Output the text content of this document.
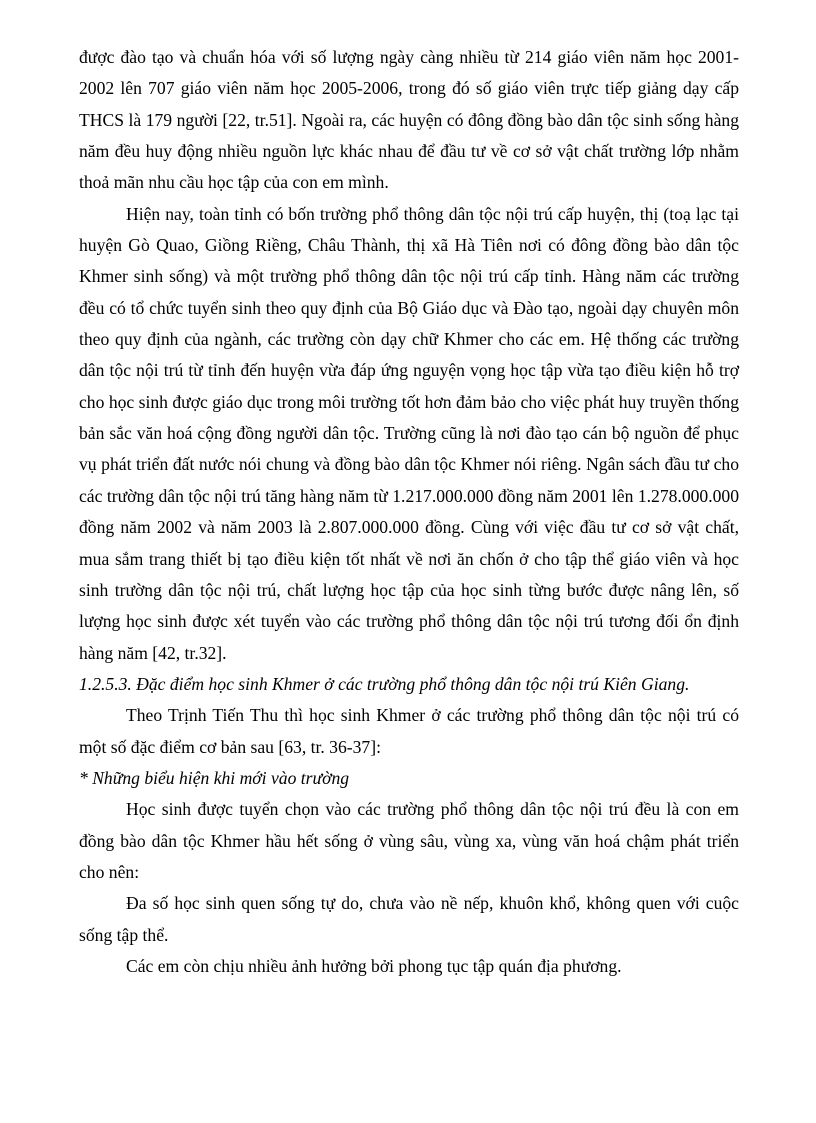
được đào tạo và chuẩn hóa với số lượng ngày càng nhiều từ 214 giáo viên năm học 2001-2002 lên 707 giáo viên năm học 2005-2006, trong đó số giáo viên trực tiếp giảng dạy cấp THCS là 179 người [22, tr.51]. Ngoài ra, các huyện có đông đồng bào dân tộc sinh sống hàng năm đều huy động nhiều nguồn lực khác nhau để đầu tư về cơ sở vật chất trường lớp nhằm thoả mãn nhu cầu học tập của con em mình.

Hiện nay, toàn tỉnh có bốn trường phổ thông dân tộc nội trú cấp huyện, thị (toạ lạc tại huyện Gò Quao, Giồng Riềng, Châu Thành, thị xã Hà Tiên nơi có đông đồng bào dân tộc Khmer sinh sống) và một trường phổ thông dân tộc nội trú cấp tỉnh. Hàng năm các trường đều có tổ chức tuyển sinh theo quy định của Bộ Giáo dục và Đào tạo, ngoài dạy chuyên môn theo quy định của ngành, các trường còn dạy chữ Khmer cho các em. Hệ thống các trường dân tộc nội trú từ tỉnh đến huyện vừa đáp ứng nguyện vọng học tập vừa tạo điều kiện hỗ trợ cho học sinh được giáo dục trong môi trường tốt hơn đảm bảo cho việc phát huy truyền thống bản sắc văn hoá cộng đồng người dân tộc. Trường cũng là nơi đào tạo cán bộ nguồn để phục vụ phát triển đất nước nói chung và đồng bào dân tộc Khmer nói riêng. Ngân sách đầu tư cho các trường dân tộc nội trú tăng hàng năm từ 1.217.000.000 đồng năm 2001 lên 1.278.000.000 đồng năm 2002 và năm 2003 là 2.807.000.000 đồng. Cùng với việc đầu tư cơ sở vật chất, mua sắm trang thiết bị tạo điều kiện tốt nhất về nơi ăn chốn ở cho tập thể giáo viên và học sinh trường dân tộc nội trú, chất lượng học tập của học sinh từng bước được nâng lên, số lượng học sinh được xét tuyển vào các trường phổ thông dân tộc nội trú tương đối ổn định hàng năm [42, tr.32].

1.2.5.3. Đặc điểm học sinh Khmer ở các trường phổ thông dân tộc nội trú Kiên Giang.

Theo Trịnh Tiến Thu thì học sinh Khmer ở các trường phổ thông dân tộc nội trú có một số đặc điểm cơ bản sau [63, tr. 36-37]:

* Những biểu hiện khi mới vào trường

Học sinh được tuyển chọn vào các trường phổ thông dân tộc nội trú đều là con em đồng bào dân tộc Khmer hầu hết sống ở vùng sâu, vùng xa, vùng văn hoá chậm phát triển cho nên:

Đa số học sinh quen sống tự do, chưa vào nề nếp, khuôn khổ, không quen với cuộc sống tập thể.

Các em còn chịu nhiều ảnh hưởng bởi phong tục tập quán địa phương.
